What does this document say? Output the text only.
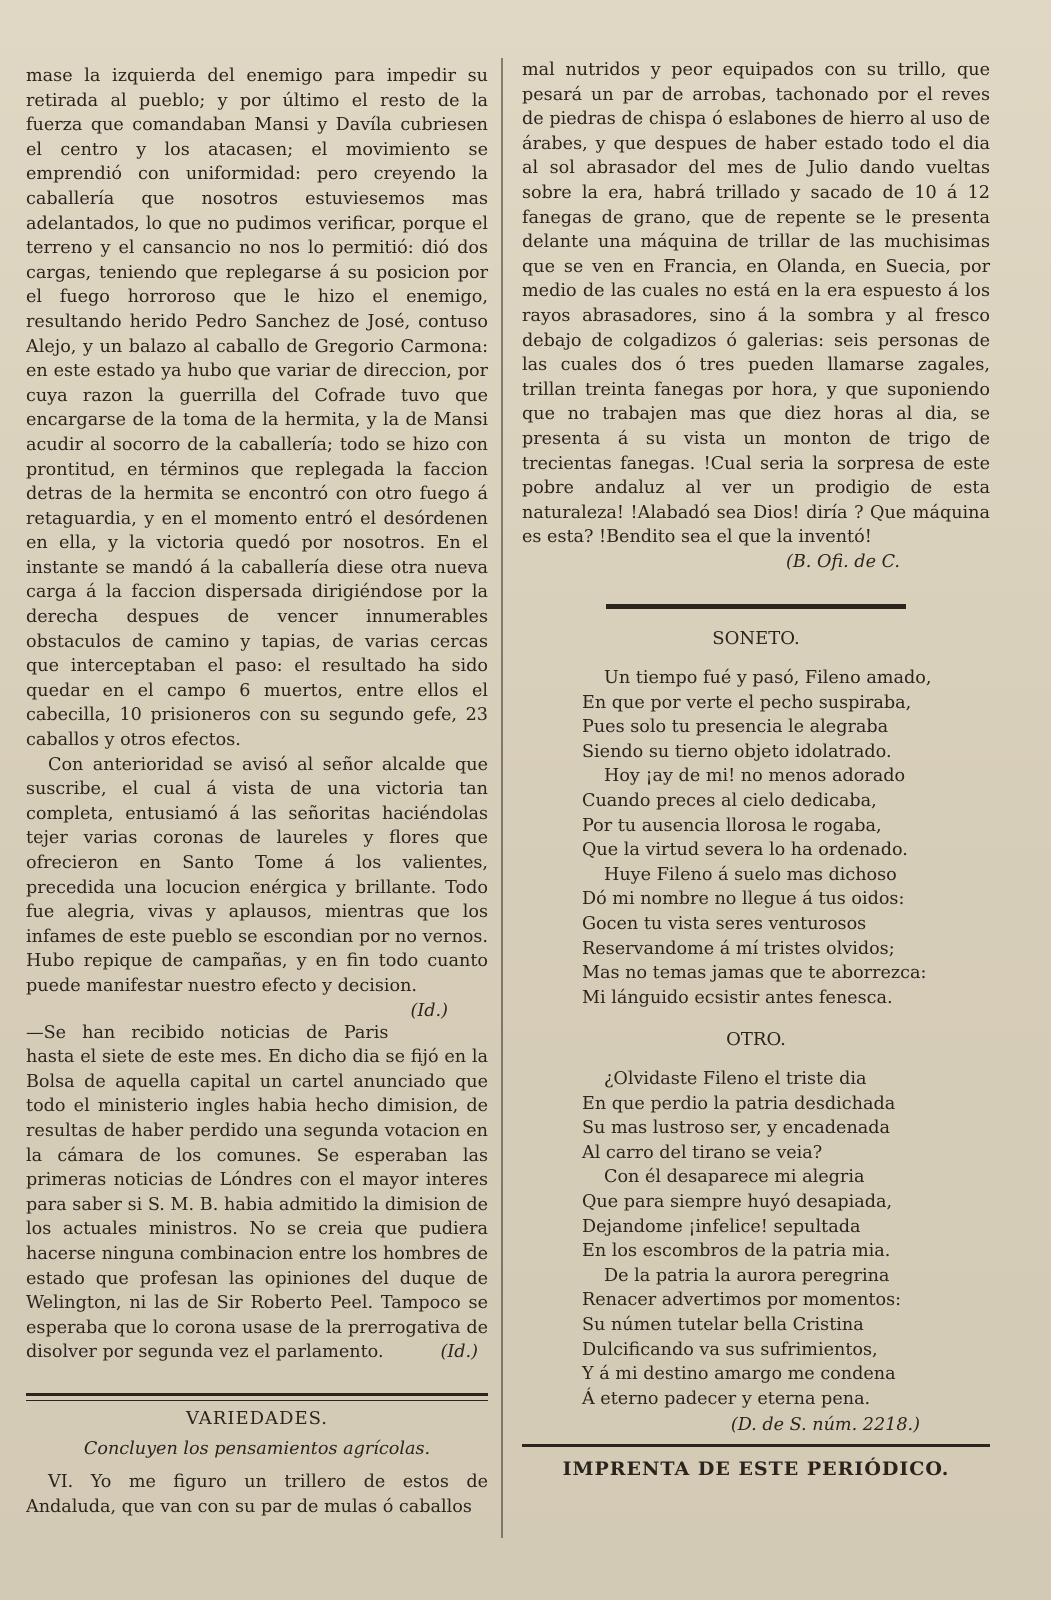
mase la izquierda del enemigo para impedir su retirada al pueblo; y por último el resto de la fuerza que comandaban Mansi y Davíla cubriesen el centro y los atacasen; el movimiento se emprendió con uniformidad: pero creyendo la caballería que nosotros estuviesemos mas adelantados, lo que no pudimos verificar, porque el terreno y el cansancio no nos lo permitió: dió dos cargas, teniendo que replegarse á su posicion por el fuego horroroso que le hizo el enemigo, resultando herido Pedro Sanchez de José, contuso Alejo, y un balazo al caballo de Gregorio Carmona: en este estado ya hubo que variar de direccion, por cuya razon la guerrilla del Cofrade tuvo que encargarse de la toma de la hermita, y la de Mansi acudir al socorro de la caballería; todo se hizo con prontitud, en términos que replegada la faccion detras de la hermita se encontró con otro fuego á retaguardia, y en el momento entró el desórdenen en ella, y la victoria quedó por nosotros. En el instante se mandó á la caballería diese otra nueva carga á la faccion dispersada dirigiéndose por la derecha despues de vencer innumerables obstaculos de camino y tapias, de varias cercas que interceptaban el paso: el resultado ha sido quedar en el campo 6 muertos, entre ellos el cabecilla, 10 prisioneros con su segundo gefe, 23 caballos y otros efectos.

Con anterioridad se avisó al señor alcalde que suscribe, el cual á vista de una victoria tan completa, entusiamó á las señoritas haciéndolas tejer varias coronas de laureles y flores que ofrecieron en Santo Tome á los valientes, precedida una locucion enérgica y brillante. Todo fue alegria, vivas y aplausos, mientras que los infames de este pueblo se escondian por no vernos. Hubo repique de campañas, y en fin todo cuanto puede manifestar nuestro efecto y decision.
(Id.)

—Se han recibido noticias de Paris hasta el siete de este mes. En dicho dia se fijó en la Bolsa de aquella capital un cartel anunciado que todo el ministerio ingles habia hecho dimision, de resultas de haber perdido una segunda votacion en la cámara de los comunes. Se esperaban las primeras noticias de Lóndres con el mayor interes para saber si S. M. B. habia admitido la dimision de los actuales ministros. No se creia que pudiera hacerse ninguna combinacion entre los hombres de estado que profesan las opiniones del duque de Welington, ni las de Sir Roberto Peel. Tampoco se esperaba que lo corona usase de la prerrogativa de disolver por segunda vez el parlamento.	(Id.)

VARIEDADES.
Concluyen los pensamientos agrícolas.

VI. Yo me figuro un trillero de estos de Andaluda, que van con su par de mulas ó caballos

mal nutridos y peor equipados con su trillo, que pesará un par de arrobas, tachonado por el reves de piedras de chispa ó eslabones de hierro al uso de árabes, y que despues de haber estado todo el dia al sol abrasador del mes de Julio dando vueltas sobre la era, habrá trillado y sacado de 10 á 12 fanegas de grano, que de repente se le presenta delante una máquina de trillar de las muchisimas que se ven en Francia, en Olanda, en Suecia, por medio de las cuales no está en la era espuesto á los rayos abrasadores, sino á la sombra y al fresco debajo de colgadizos ó galerias: seis personas de las cuales dos ó tres pueden llamarse zagales, trillan treinta fanegas por hora, y que suponiendo que no trabajen mas que diez horas al dia, se presenta á su vista un monton de trigo de trecientas fanegas. !Cual seria la sorpresa de este pobre andaluz al ver un prodigio de esta naturaleza! !Alabadó sea Dios! diría ? Que máquina es esta? !Bendito sea el que la inventó!

(B. Ofi. de C.

SONETO.
Un tiempo fué y pasó, Fileno amado,
En que por verte el pecho suspiraba,
Pues solo tu presencia le alegraba
Siendo su tierno objeto idolatrado.
Hoy ¡ay de mi! no menos adorado
Cuando preces al cielo dedicaba,
Por tu ausencia llorosa le rogaba,
Que la virtud severa lo ha ordenado.
Huye Fileno á suelo mas dichoso
Dó mi nombre no llegue á tus oidos:
Gocen tu vista seres venturosos
Reservandome á mí tristes olvidos;
Mas no temas jamas que te aborrezca:
Mi lánguido ecsistir antes fenesca.
OTRO.
¿Olvidaste Fileno el triste dia
En que perdio la patria desdichada
Su mas lustroso ser, y encadenada
Al carro del tirano se veia?
Con él desaparece mi alegria
Que para siempre huyó desapiada,
Dejandome ¡infelice! sepultada
En los escombros de la patria mia.
De la patria la aurora peregrina
Renacer advertimos por momentos:
Su númen tutelar bella Cristina
Dulcificando va sus sufrimientos,
Y á mi destino amargo me condena
Á eterno padecer y eterna pena.
(D. de S. núm. 2218.)
IMPRENTA DE ESTE PERIÓDICO.
